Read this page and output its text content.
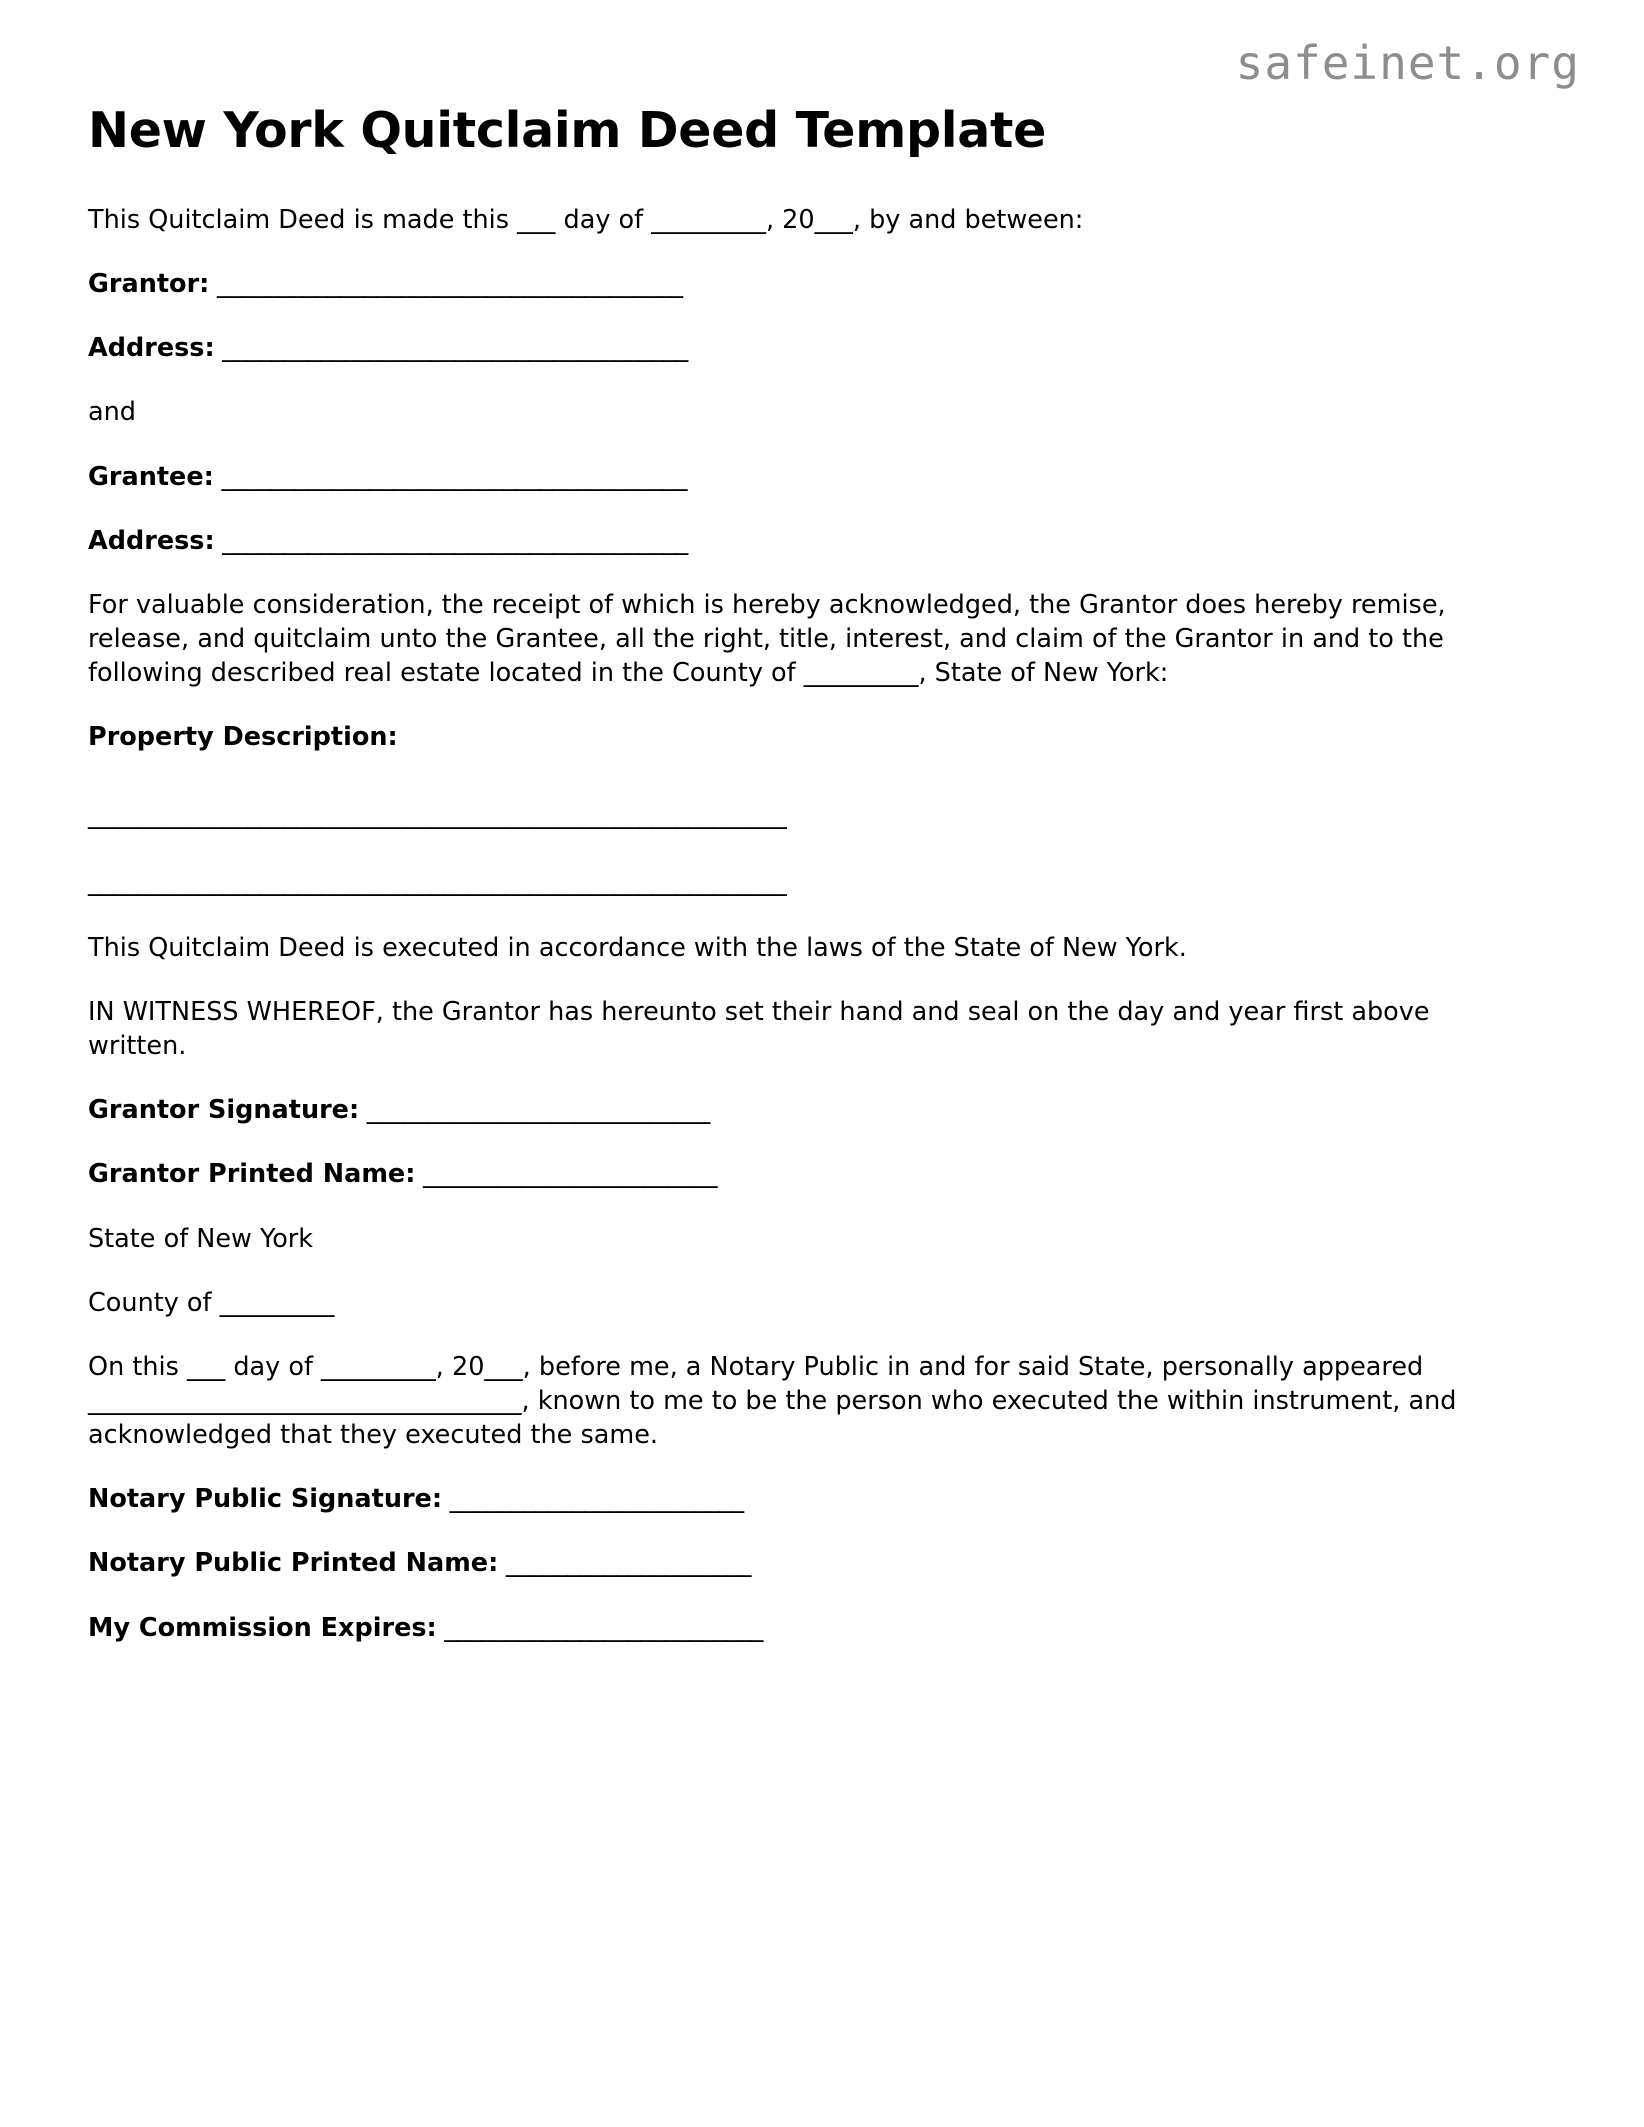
safeinet.org
New York Quitclaim Deed Template

This Quitclaim Deed is made this ___ day of _________, 20___, by and between:

Grantor: ______________________________________

Address: ______________________________________

and

Grantee: ______________________________________

Address: ______________________________________

For valuable consideration, the receipt of which is hereby acknowledged, the Grantor does hereby remise, release, and quitclaim unto the Grantee, all the right, title, interest, and claim of the Grantor in and to the following described real estate located in the County of _________, State of New York:

Property Description:

_________________________________________________________

_________________________________________________________

This Quitclaim Deed is executed in accordance with the laws of the State of New York.

IN WITNESS WHEREOF, the Grantor has hereunto set their hand and seal on the day and year first above written.

Grantor Signature: ____________________________

Grantor Printed Name: ________________________

State of New York

County of _________

On this ___ day of _________, 20___, before me, a Notary Public in and for said State, personally appeared __________________________________, known to me to be the person who executed the within instrument, and acknowledged that they executed the same.

Notary Public Signature: ________________________

Notary Public Printed Name: ____________________

My Commission Expires: __________________________
